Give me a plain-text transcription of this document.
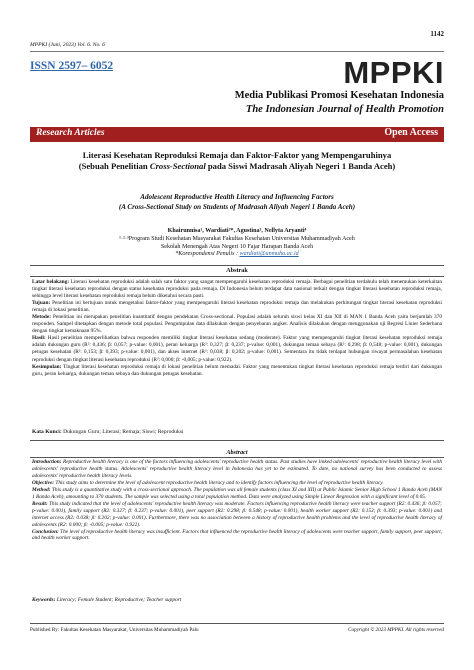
1142
MPPKI (Juni, 2023) Vol. 6. No. 6
ISSN 2597– 6052	MPPKI
Media Publikasi Promosi Kesehatan Indonesia
The Indonesian Journal of Health Promotion
Research Articles	Open Access
Literasi Kesehatan Reproduksi Remaja dan Faktor-Faktor yang Mempengaruhinya
(Sebuah Penelitian Cross-Sectional pada Siswi Madrasah Aliyah Negeri 1 Banda Aceh)
Adolescent Reproductive Health Literacy and Influencing Factors
(A Cross-Sectional Study on Students of Madrasah Aliyah Negeri 1 Banda Aceh)
Khairunnisa¹, Wardiati²*, Agustina³, Nellyta Aryanti⁴
¹·²·³Program Studi Kesehatan Masyarakat Fakultas Kesehatan Universitas Muhammadiyah Aceh
Sekolah Menengah Atas Negeri 10 Fajar Harapan Banda Aceh
*Korespondensi Penulis : wardiati@unmuha.ac.id
Abstrak

Latar belakang: Literasi kesehatan reproduksi adalah salah satu faktor yang sangat mempengaruhi kesehatan reproduksi remaja. Berbagai penelitian terdahulu telah menemukan keterkaitan tingkat literasi kesehatan reproduksi dengan status kesehatan reproduksi pada remaja. Di Indonesia belum terdapat data nasional terkait dengan tingkat literasi kesehatan reproduksi remaja, sehingga level literasi kesehatan reproduksi remaja belum diketahui secara pasti.

Tujuan: Penelitian ini bertujuan untuk mengetahui faktor-faktor yang mempengaruhi literasi kesehatan reproduksi remaja dan melakukan perhitungan tingkat literasi kesehatan reproduksi remaja di lokasi penelitian.

Metode: Penelitian ini merupakan penelitian kuantitatif dengan pendekatan Cross-sectional. Populasi adalah seluruh siswi kelas XI dan XII di MAN 1 Banda Aceh yaitu berjumlah 370 responden. Sampel ditetapkan dengan metode total populasi. Pengumpulan data dilakukan dengan penyebaran angket. Analisis dilakukan dengan menggunakan uji Regresi Linier Sederhana dengan tingkat kemaknaan 95%.

Hasil: Hasil penelitian memperlihatkan bahwa responden memiliki tingkat literasi kesehatan sedang (moderate). Faktor yang mempengaruhi tingkat literasi kesehatan reproduksi remaja adalah dukungan guru (R²: 0,436; β: 0,057; p-value: 0,001), peran keluarga (R²: 0,327; β: 0,237; p-value: 0,001), dukungan teman sebaya (R²: 0,298; β: 0,548; p-value: 0,001), dukungan petugas kesehatan (R²: 0,153; β: 0,393; p-value: 0,001), dan akses internet (R²: 0,038; β: 0,202; p-value: 0,001). Sementara itu tidak terdapat hubungan riwayat permasalahan kesehatan reproduksi dengan tingkat literasi kesehatan reproduksi (R²: 0,000; β: -0,005; p-value: 0,922).

Kesimpulan: Tingkat literasi kesehatan reproduksi remaja di lokasi penelitian belum memadai. Faktor yang menentukan tingkat literasi kesehatan reproduksi remaja terdiri dari dukungan guru, peran keluarga, dukungan teman sebaya dan dukungan petugas kesehatan.

Kata Kunci: Dukungan Guru; Literasi; Remaja; Siswi; Reproduksi
Abstract

Introduction: Reproductive health literacy is one of the factors influencing adolescents' reproductive health status. Past studies have linked adolescents' reproductive health literacy level with adolescents' reproductive health status. Adolescents' reproductive health literacy level in Indonesia has yet to be estimated. To date, no national survey has been conducted to assess adolescents' reproductive health literacy levels.

Objective: This study aims to determine the level of adolescent reproductive health literacy and to identify factors influencing the level of reproductive health literacy.

Method: This study is a quantitative study with a cross-sectional approach. The population was all female students (class XI and XII) at Public Islamic Senior High School 1 Banda Aceh (MAN 1 Banda Aceh), amounting to 370 students. The sample was selected using a total population method. Data were analyzed using Simple Linear Regression with a significant level of 0.05.

Result: This study indicated that the level of adolescents' reproductive health literacy was moderate. Factors influencing reproductive health literacy were teacher support (R2: 0.436; β: 0.057; p-value: 0.001), family support (R2: 0.327; β: 0.237; p-value: 0.001), peer support (R2: 0.298; β: 0.548; p-value: 0.001), health worker support (R2: 0.153; β: 0.393; p-value: 0.001) and internet access (R2: 0.038; β: 0.202; p-value: 0.001). Furthermore, there was no association between a history of reproductive health problems and the level of reproductive health literacy of adolescents (R2: 0.000; β: -0.005; p-value: 0.922).

Conclusion: The level of reproductive health literacy was insufficient. Factors that influenced the reproductive health literacy of adolescents were teacher support, family support, peer support, and health worker support.

Keywords: Literacy; Female Student; Reproductive; Teacher support
Published By: Fakultas Kesehatan Masyarakat, Universitas Muhammadiyah Palu	Copyright © 2023 MPPKI. All rights reserved
